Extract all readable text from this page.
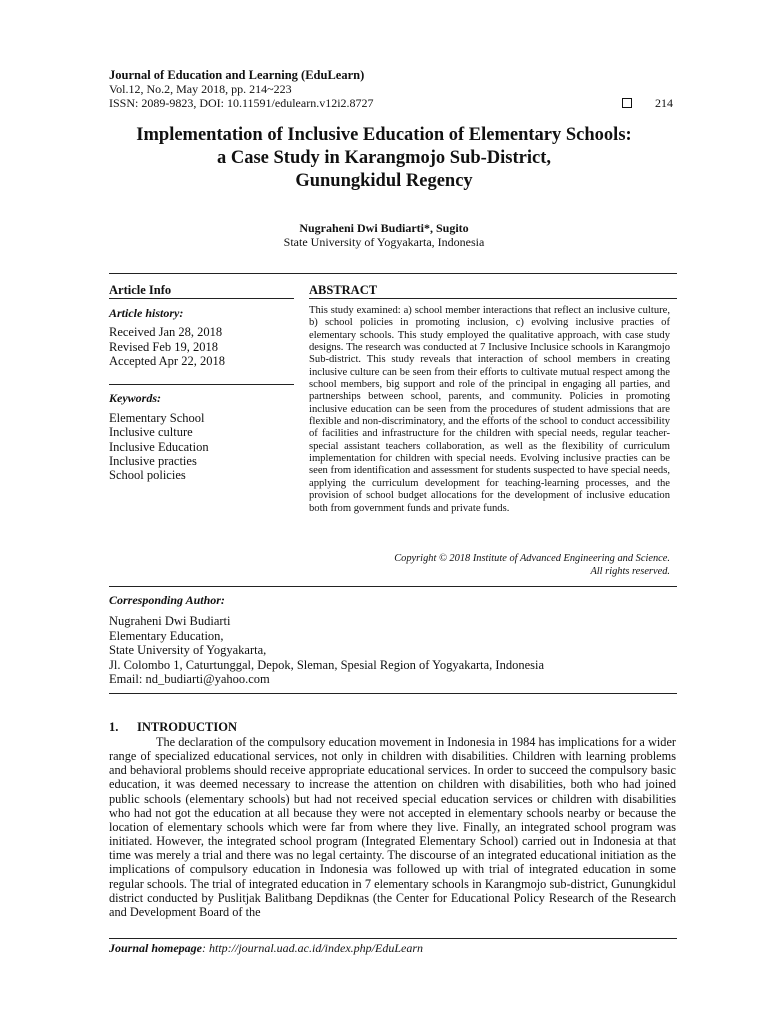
Journal of Education and Learning (EduLearn)
Vol.12, No.2, May 2018, pp. 214~223
ISSN: 2089-9823, DOI: 10.11591/edulearn.v12i2.8727	214
Implementation of Inclusive Education of Elementary Schools:
a Case Study in Karangmojo Sub-District,
Gunungkidul Regency
Nugraheni Dwi Budiarti*, Sugito
State University of Yogyakarta, Indonesia
Article Info	ABSTRACT
Article history:
Received Jan 28, 2018
Revised Feb 19, 2018
Accepted Apr 22, 2018
Keywords:
Elementary School
Inclusive culture
Inclusive Education
Inclusive practies
School policies

This study examined: a) school member interactions that reflect an inclusive culture, b) school policies in promoting inclusion, c) evolving inclusive practies of elementary schools. This study employed the qualitative approach, with case study designs. The research was conducted at 7 Inclusive Inclusice schools in Karangmojo Sub-district. This study reveals that interaction of school members in creating inclusive culture can be seen from their efforts to cultivate mutual respect among the school members, big support and role of the principal in engaging all parties, and partnerships between school, parents, and community. Policies in promoting inclusive education can be seen from the procedures of student admissions that are flexible and non-discriminatory, and the efforts of the school to conduct accessibility of facilities and infrastructure for the children with special needs, regular teacher-special assistant teachers collaboration, as well as the flexibility of curriculum implementation for children with special needs. Evolving inclusive practies can be seen from identification and assessment for students suspected to have special needs, applying the curriculum development for teaching-learning processes, and the provision of school budget allocations for the development of inclusive education both from government funds and private funds.

Copyright © 2018 Institute of Advanced Engineering and Science.
All rights reserved.
Corresponding Author:
Nugraheni Dwi Budiarti
Elementary Education,
State University of Yogyakarta,
Jl. Colombo 1, Caturtunggal, Depok, Sleman, Spesial Region of Yogyakarta, Indonesia
Email: nd_budiarti@yahoo.com
1. INTRODUCTION

The declaration of the compulsory education movement in Indonesia in 1984 has implications for a wider range of specialized educational services, not only in children with disabilities. Children with learning problems and behavioral problems should receive appropriate educational services. In order to succeed the compulsory basic education, it was deemed necessary to increase the attention on children with disabilities, both who had joined public schools (elementary schools) but had not received special education services or children with disabilities who had not got the education at all because they were not accepted in elementary schools nearby or because the location of elementary schools which were far from where they live. Finally, an integrated school program was initiated. However, the integrated school program (Integrated Elementary School) carried out in Indonesia at that time was merely a trial and there was no legal certainty. The discourse of an integrated educational initiation as the implications of compulsory education in Indonesia was followed up with trial of integrated education in some regular schools. The trial of integrated education in 7 elementary schools in Karangmojo sub-district, Gunungkidul district conducted by Puslitjak Balitbang Depdiknas (the Center for Educational Policy Research of the Research and Development Board of the

Journal homepage: http://journal.uad.ac.id/index.php/EduLearn
